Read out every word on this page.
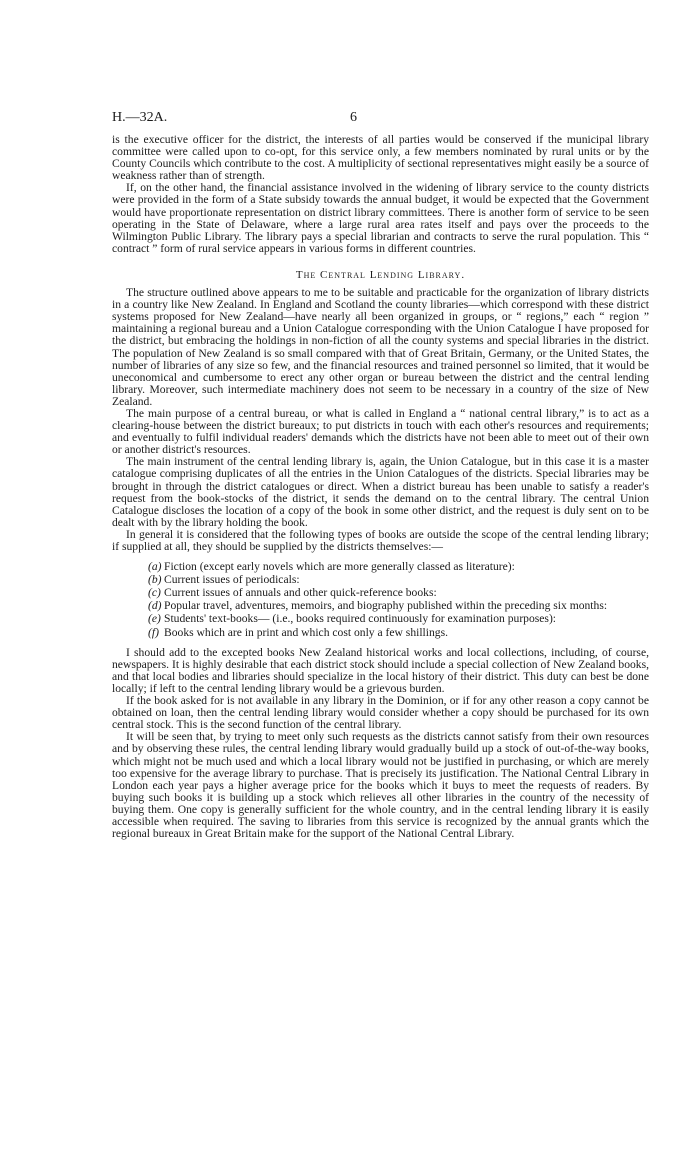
H.—32A.	6

is the executive officer for the district, the interests of all parties would be conserved if the municipal library committee were called upon to co-opt, for this service only, a few members nominated by rural units or by the County Councils which contribute to the cost. A multiplicity of sectional representatives might easily be a source of weakness rather than of strength.

If, on the other hand, the financial assistance involved in the widening of library service to the county districts were provided in the form of a State subsidy towards the annual budget, it would be expected that the Government would have proportionate representation on district library committees. There is another form of service to be seen operating in the State of Delaware, where a large rural area rates itself and pays over the proceeds to the Wilmington Public Library. The library pays a special librarian and contracts to serve the rural population. This “ contract ” form of rural service appears in various forms in different countries.

The Central Lending Library.

The structure outlined above appears to me to be suitable and practicable for the organization of library districts in a country like New Zealand. In England and Scotland the county libraries—which correspond with these district systems proposed for New Zealand—have nearly all been organized in groups, or “ regions,” each “ region ” maintaining a regional bureau and a Union Catalogue corresponding with the Union Catalogue I have proposed for the district, but embracing the holdings in non-fiction of all the county systems and special libraries in the district. The population of New Zealand is so small compared with that of Great Britain, Germany, or the United States, the number of libraries of any size so few, and the financial resources and trained personnel so limited, that it would be uneconomical and cumbersome to erect any other organ or bureau between the district and the central lending library. Moreover, such intermediate machinery does not seem to be necessary in a country of the size of New Zealand.

The main purpose of a central bureau, or what is called in England a “ national central library,” is to act as a clearing-house between the district bureaux; to put districts in touch with each other's resources and requirements; and eventually to fulfil individual readers' demands which the districts have not been able to meet out of their own or another district's resources.

The main instrument of the central lending library is, again, the Union Catalogue, but in this case it is a master catalogue comprising duplicates of all the entries in the Union Catalogues of the districts. Special libraries may be brought in through the district catalogues or direct. When a district bureau has been unable to satisfy a reader's request from the book-stocks of the district, it sends the demand on to the central library. The central Union Catalogue discloses the location of a copy of the book in some other district, and the request is duly sent on to be dealt with by the library holding the book.

In general it is considered that the following types of books are outside the scope of the central lending library; if supplied at all, they should be supplied by the districts themselves:—

(a) Fiction (except early novels which are more generally classed as literature):
(b) Current issues of periodicals:
(c) Current issues of annuals and other quick-reference books:
(d) Popular travel, adventures, memoirs, and biography published within the preceding six months:
(e) Students' text-books— (i.e., books required continuously for examination purposes):
(f) Books which are in print and which cost only a few shillings.

I should add to the excepted books New Zealand historical works and local collections, including, of course, newspapers. It is highly desirable that each district stock should include a special collection of New Zealand books, and that local bodies and libraries should specialize in the local history of their district. This duty can best be done locally; if left to the central lending library would be a grievous burden.

If the book asked for is not available in any library in the Dominion, or if for any other reason a copy cannot be obtained on loan, then the central lending library would consider whether a copy should be purchased for its own central stock. This is the second function of the central library.

It will be seen that, by trying to meet only such requests as the districts cannot satisfy from their own resources and by observing these rules, the central lending library would gradually build up a stock of out-of-the-way books, which might not be much used and which a local library would not be justified in purchasing, or which are merely too expensive for the average library to purchase. That is precisely its justification. The National Central Library in London each year pays a higher average price for the books which it buys to meet the requests of readers. By buying such books it is building up a stock which relieves all other libraries in the country of the necessity of buying them. One copy is generally sufficient for the whole country, and in the central lending library it is easily accessible when required. The saving to libraries from this service is recognized by the annual grants which the regional bureaux in Great Britain make for the support of the National Central Library.
